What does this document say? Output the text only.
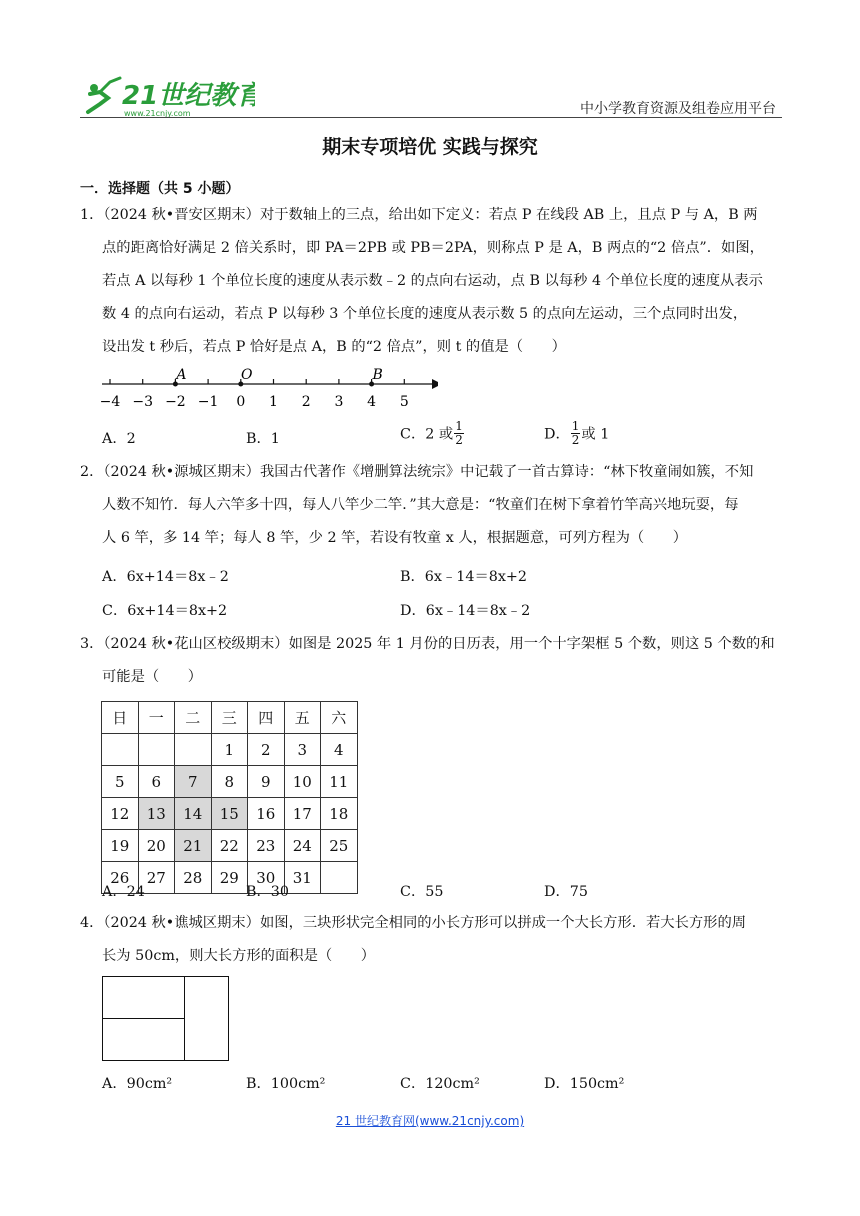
21世纪教育
www.21cnjy.com	中小学教育资源及组卷应用平台
期末专项培优 实践与探究
一．选择题（共 5 小题）

1．（2024 秋•晋安区期末）对于数轴上的三点，给出如下定义：若点 P 在线段 AB 上，且点 P 与 A，B 两

点的距离恰好满足 2 倍关系时，即 PA＝2PB 或 PB＝2PA，则称点 P 是 A，B 两点的“2 倍点”．如图，

若点 A 以每秒 1 个单位长度的速度从表示数﹣2 的点向右运动，点 B 以每秒 4 个单位长度的速度从表示

数 4 的点向右运动，若点 P 以每秒 3 个单位长度的速度从表示数 5 的点向左运动，三个点同时出发，

设出发 t 秒后，若点 P 恰好是点 A，B 的“2 倍点”，则 t 的值是（　　）

−4 −3 −2 −1 0 1 2 3 4 5
A	O	B
A．2	B．1	C．2 或 $\frac{1}{2}$	D． $\frac{1}{2}$ 或 1

2．（2024 秋•源城区期末）我国古代著作《增删算法统宗》中记载了一首古算诗：“林下牧童闹如簇，不知

人数不知竹．每人六竿多十四，每人八竿少二竿．”其大意是：“牧童们在树下拿着竹竿高兴地玩耍，每

人 6 竿，多 14 竿；每人 8 竿，少 2 竿，若设有牧童 x 人，根据题意，可列方程为（　　）

A．6x+14＝8x﹣2	B．6x﹣14＝8x+2
C．6x+14＝8x+2	D．6x﹣14＝8x﹣2

3．（2024 秋•花山区校级期末）如图是 2025 年 1 月份的日历表，用一个十字架框 5 个数，则这 5 个数的和

可能是（　　）

日	一	二	三	四	五	六
			1	2	3	4
5	6	7	8	9	10	11
12	13	14	15	16	17	18
19	20	21	22	23	24	25
26	27	28	29	30	31	
A．24	B．30	C．55	D．75

4．（2024 秋•谯城区期末）如图，三块形状完全相同的小长方形可以拼成一个大长方形．若大长方形的周

长为 50cm，则大长方形的面积是（　　）

A．90cm²	B．100cm²	C．120cm²	D．150cm²
21 世纪教育网(www.21cnjy.com)
